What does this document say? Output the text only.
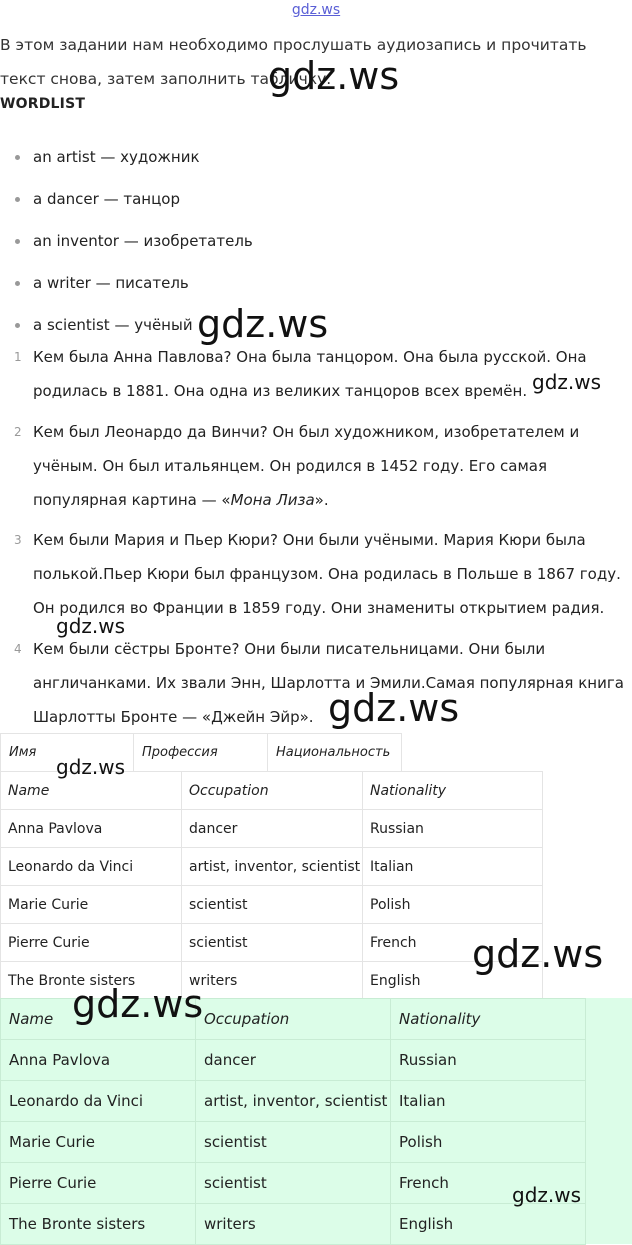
gdz.ws
В этом задании нам необходимо прослушать аудиозапись и прочитать текст снова, затем заполнить табличку.
WORDLIST
an artist — художник
a dancer — танцор
an inventor — изобретатель
a writer — писатель
a scientist — учёный
1 Кем была Анна Павлова? Она была танцором. Она была русской. Она родилась в 1881. Она одна из великих танцоров всех времён.
2 Кем был Леонардо да Винчи? Он был художником, изобретателем и учёным. Он был итальянцем. Он родился в 1452 году. Его самая популярная картина — «Мона Лиза».
3 Кем были Мария и Пьер Кюри? Они были учёными. Мария Кюри была полькой.Пьер Кюри был французом. Она родилась в Польше в 1867 году. Он родился во Франции в 1859 году. Они знамениты открытием радия.
4 Кем были сёстры Бронте? Они были писательницами. Они были англичанками. Их звали Энн, Шарлотта и Эмили.Самая популярная книга Шарлотты Бронте — «Джейн Эйр».
Имя	Профессия	Национальность
Name	Occupation	Nationality
Anna Pavlova	dancer	Russian
Leonardo da Vinci	artist, inventor, scientist	Italian
Marie Curie	scientist	Polish
Pierre Curie	scientist	French
The Bronte sisters	writers	English
Name	Occupation	Nationality
Anna Pavlova	dancer	Russian
Leonardo da Vinci	artist, inventor, scientist	Italian
Marie Curie	scientist	Polish
Pierre Curie	scientist	French
The Bronte sisters	writers	English
gdz.ws
gdz.ws
gdz.ws
gdz.ws
gdz.ws
gdz.ws
gdz.ws
gdz.ws
gdz.ws
